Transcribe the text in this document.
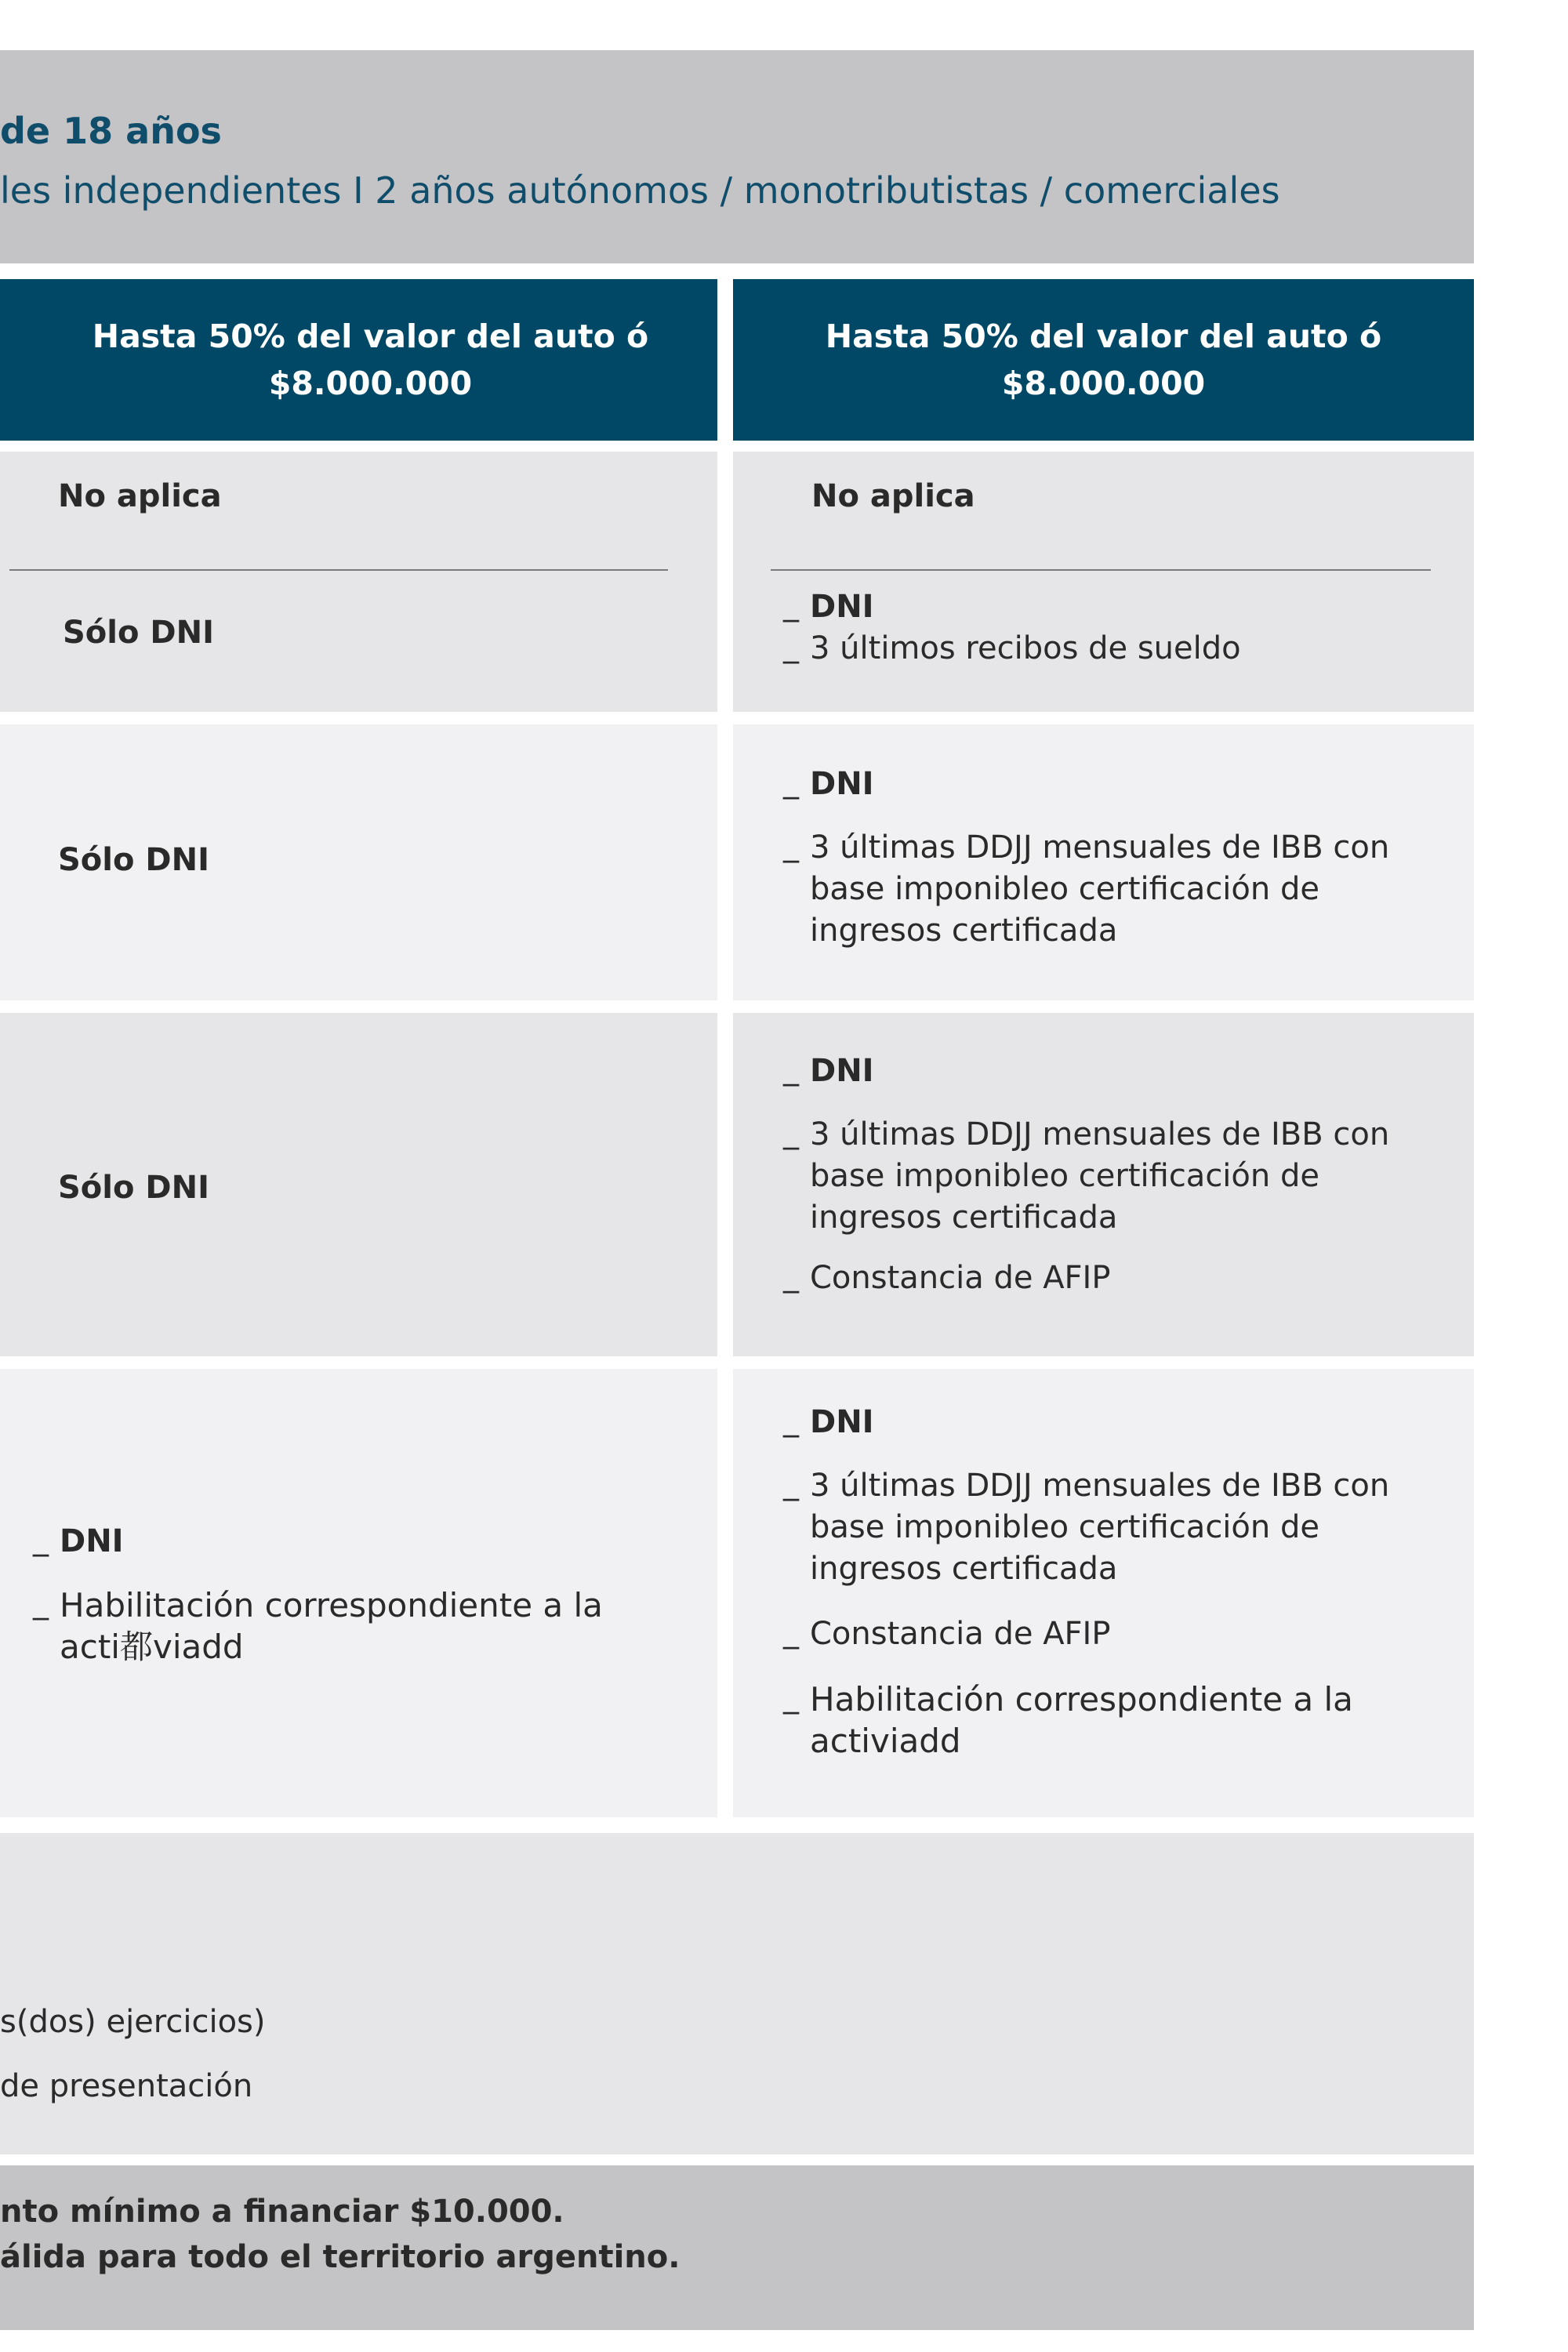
de 18 años
les independientes I 2 años autónomos / monotributistas / comerciales
Hasta 50% del valor del auto ó
$8.000.000
Hasta 50% del valor del auto ó
$8.000.000
No aplica
Sólo DNI
No aplica
_ DNI
_ 3 últimos recibos de sueldo
Sólo DNI
_ DNI
_ 3 últimas DDJJ mensuales de IBB con base imponibleo certificación de ingresos certificada
Sólo DNI
_ DNI
_ 3 últimas DDJJ mensuales de IBB con base imponibleo certificación de ingresos certificada
_ Constancia de AFIP
_ DNI
_ Habilitación correspondiente a la acti都viadd
_ DNI
_ 3 últimas DDJJ mensuales de IBB con base imponibleo certificación de ingresos certificada
_ Constancia de AFIP
_ Habilitación correspondiente a la activiadd
s(dos) ejercicios)
de presentación
nto mínimo a financiar $10.000.
álida para todo el territorio argentino.
